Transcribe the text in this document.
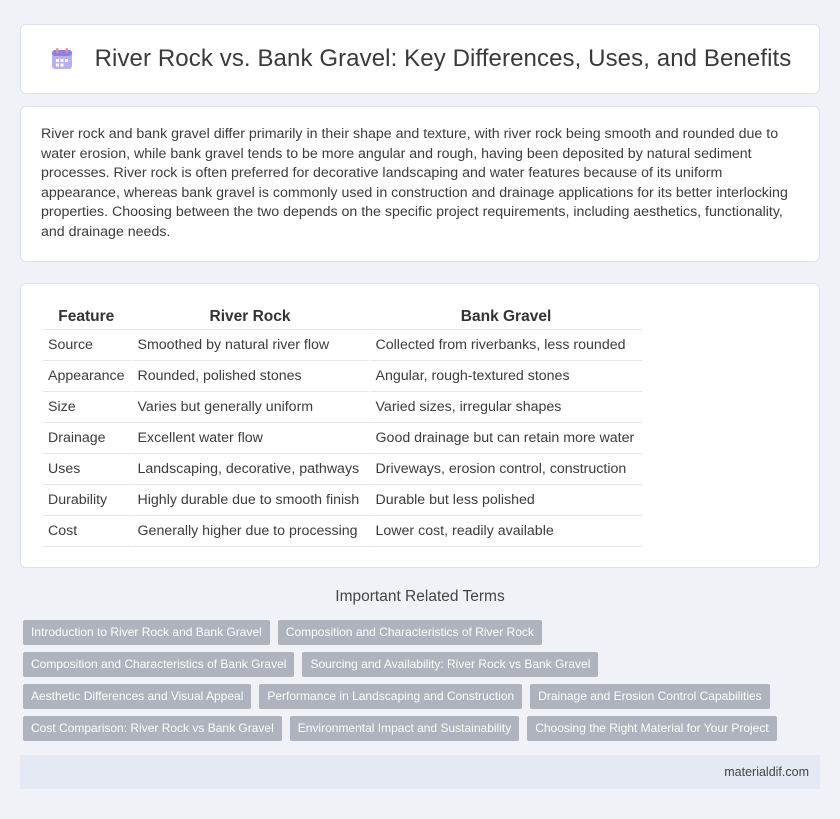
River Rock vs. Bank Gravel: Key Differences, Uses, and Benefits

River rock and bank gravel differ primarily in their shape and texture, with river rock being smooth and rounded due to water erosion, while bank gravel tends to be more angular and rough, having been deposited by natural sediment processes. River rock is often preferred for decorative landscaping and water features because of its uniform appearance, whereas bank gravel is commonly used in construction and drainage applications for its better interlocking properties. Choosing between the two depends on the specific project requirements, including aesthetics, functionality, and drainage needs.

Feature	River Rock	Bank Gravel
Source	Smoothed by natural river flow	Collected from riverbanks, less rounded
Appearance	Rounded, polished stones	Angular, rough-textured stones
Size	Varies but generally uniform	Varied sizes, irregular shapes
Drainage	Excellent water flow	Good drainage but can retain more water
Uses	Landscaping, decorative, pathways	Driveways, erosion control, construction
Durability	Highly durable due to smooth finish	Durable but less polished
Cost	Generally higher due to processing	Lower cost, readily available
Important Related Terms
Introduction to River Rock and Bank Gravel	Composition and Characteristics of River Rock
Composition and Characteristics of Bank Gravel	Sourcing and Availability: River Rock vs Bank Gravel
Aesthetic Differences and Visual Appeal	Performance in Landscaping and Construction	Drainage and Erosion Control Capabilities
Cost Comparison: River Rock vs Bank Gravel	Environmental Impact and Sustainability	Choosing the Right Material for Your Project
materialdif.com
